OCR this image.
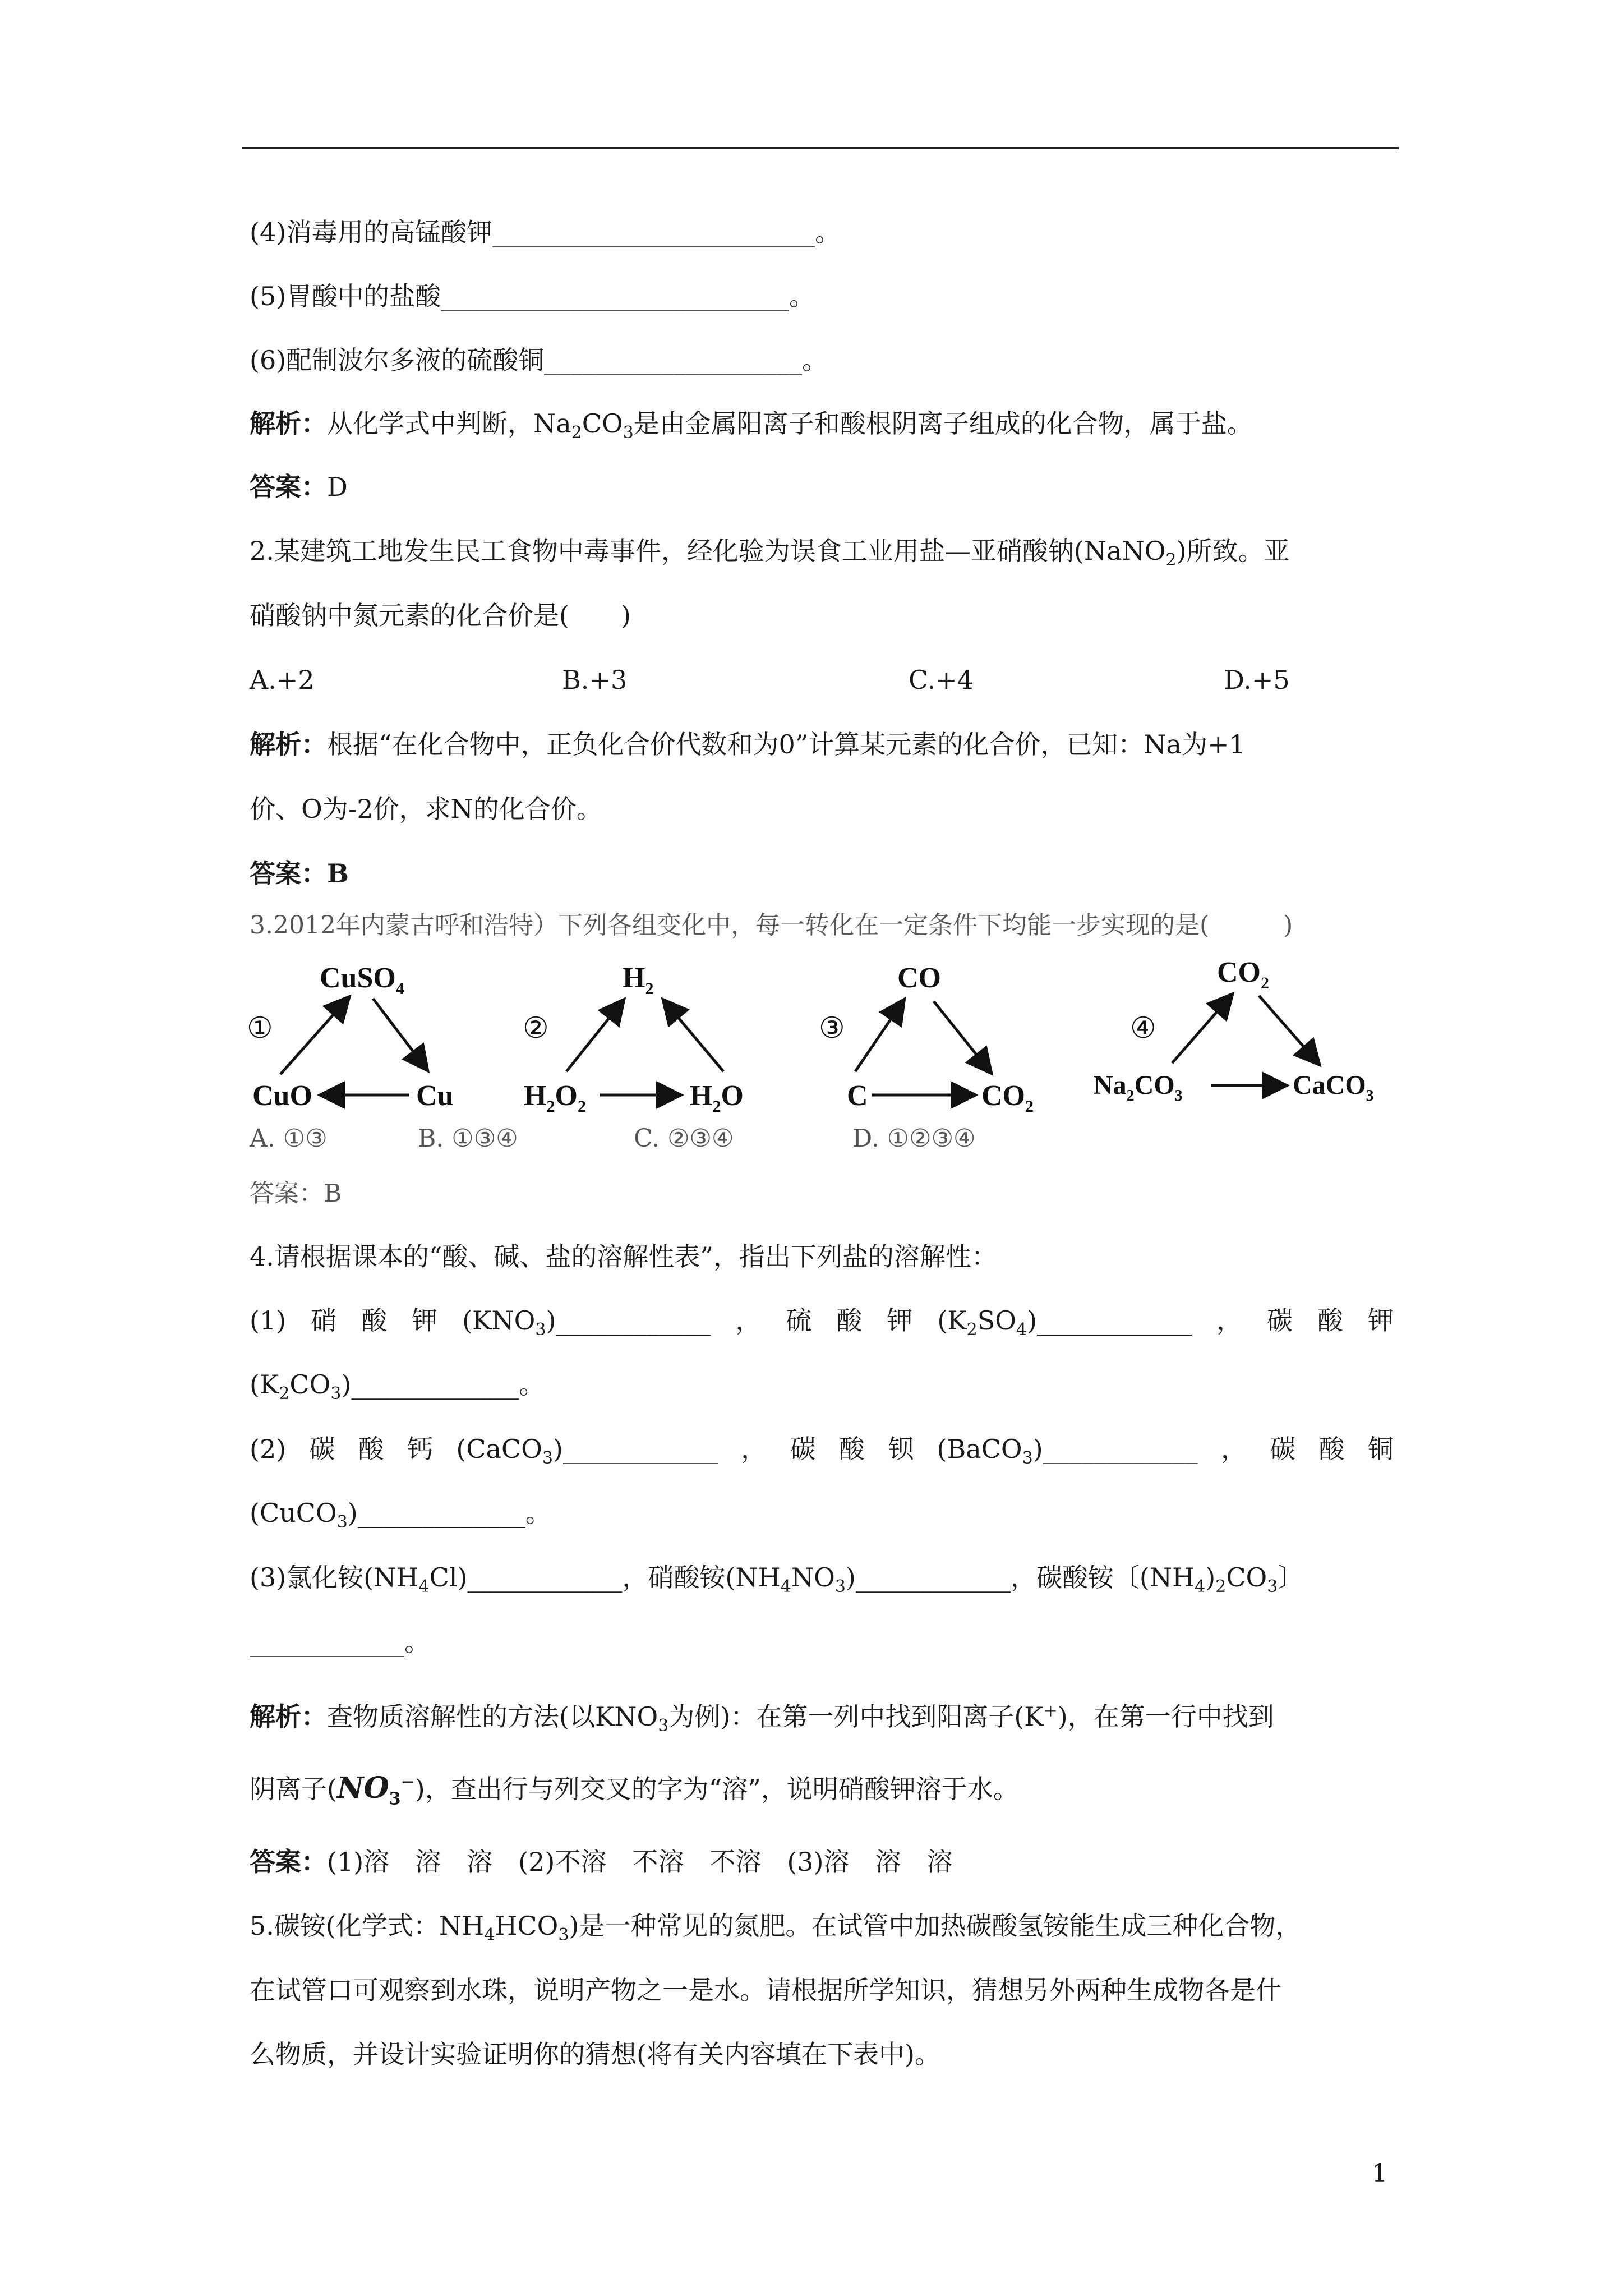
(4)消毒用的高锰酸钾_________________________。
(5)胃酸中的盐酸___________________________。
(6)配制波尔多液的硫酸铜____________________。
解析：从化学式中判断，$Na_2CO_3$是由金属阳离子和酸根阴离子组成的化合物，属于盐。
答案：D
2.某建筑工地发生民工食物中毒事件，经化验为误食工业用盐—亚硝酸钠(NaNO$_2$)所致。亚
硝酸钠中氮元素的化合价是(　　)
A.+2	B.+3	C.+4	D.+5
解析：根据“在化合物中，正负化合价代数和为0”计算某元素的化合价，已知：Na为+1
价、O为-2价，求N的化合价。
答案：B
3.2012年内蒙古呼和浩特）下列各组变化中，每一转化在一定条件下均能一步实现的是(　　　)
①
CuSO$_4$
CuO	Cu
②
$H_2$
$H_2O_2$	$H_2O$
③
CO
C	$CO_2$
④
$CO_2$
$Na_2CO_3$	CaCO$_3$
A. ①③	B. ①③④	C. ②③④	D. ①②③④
答案：B
4.请根据课本的“酸、碱、盐的溶解性表”，指出下列盐的溶解性：
(1) 硝 酸 钾 $(KNO_3)\_\_\_\_\_\_\_\_\_\_\_\_$ ， 硫 酸 钾 $(K_2SO_4)\_\_\_\_\_\_\_\_\_\_\_\_$ ， 碳 酸 钾
$(K_2CO_3)\_\_\_\_\_\_\_\_\_\_\_\_\_$。
(2) 碳 酸 钙 (CaCO$_3$)____________ ， 碳 酸 钡 (BaCO$_3$)____________ ， 碳 酸 铜
(CuCO$_3$)_____________。
(3)氯化铵$(NH_4Cl)\_\_\_\_\_\_\_\_\_\_\_\_$，硝酸铵$(NH_4NO_3)\_\_\_\_\_\_\_\_\_\_\_\_$，碳酸铵〔$(NH_4)_2CO_3$〕
____________。
解析：查物质溶解性的方法(以$KNO_3$为例)：在第一列中找到阳离子(K+)，在第一行中找到
阴离子$(NO_3^-)$，查出行与列交叉的字为“溶”，说明硝酸钾溶于水。
答案：(1)溶　溶　溶　(2)不溶　不溶　不溶　(3)溶　溶　溶
5.碳铵(化学式：$NH_4HCO_3$)是一种常见的氮肥。在试管中加热碳酸氢铵能生成三种化合物，
在试管口可观察到水珠，说明产物之一是水。请根据所学知识，猜想另外两种生成物各是什
么物质，并设计实验证明你的猜想(将有关内容填在下表中)。
1
